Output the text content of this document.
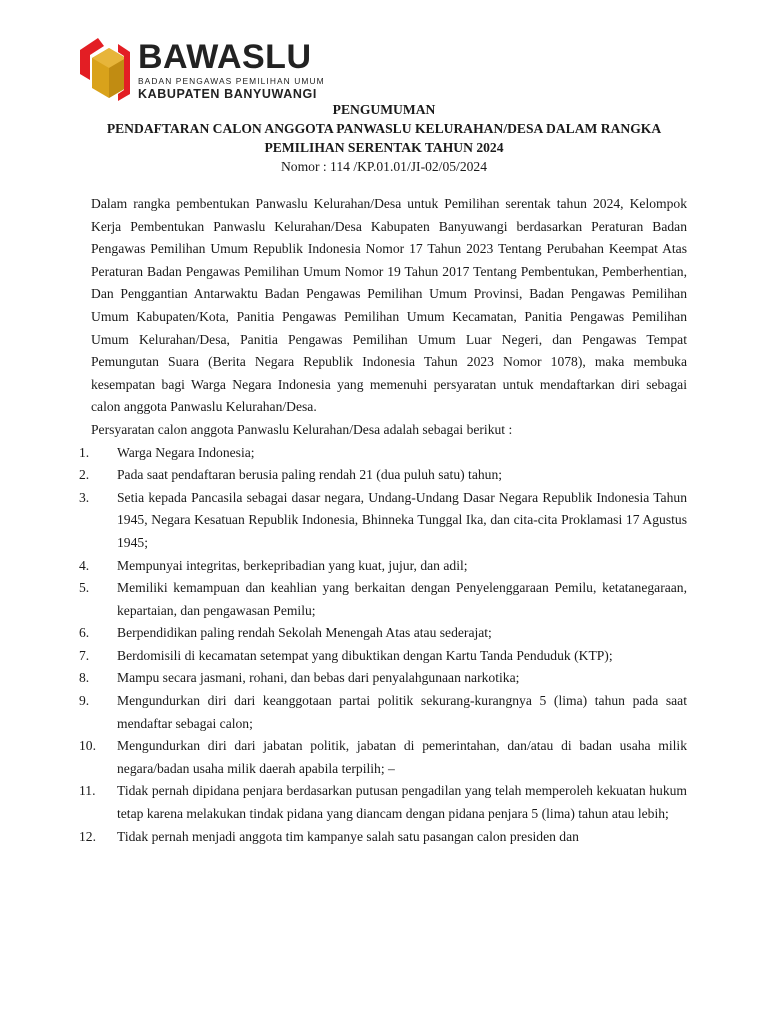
BAWASLU
BADAN PENGAWAS PEMILIHAN UMUM
KABUPATEN BANYUWANGI
PENGUMUMAN
PENDAFTARAN CALON ANGGOTA PANWASLU KELURAHAN/DESA DALAM RANGKA
PEMILIHAN SERENTAK TAHUN 2024
Nomor : 114 /KP.01.01/JI-02/05/2024

Dalam rangka pembentukan Panwaslu Kelurahan/Desa untuk Pemilihan serentak tahun 2024, Kelompok Kerja Pembentukan Panwaslu Kelurahan/Desa Kabupaten Banyuwangi berdasarkan Peraturan Badan Pengawas Pemilihan Umum Republik Indonesia Nomor 17 Tahun 2023 Tentang Perubahan Keempat Atas Peraturan Badan Pengawas Pemilihan Umum Nomor 19 Tahun 2017 Tentang Pembentukan, Pemberhentian, Dan Penggantian Antarwaktu Badan Pengawas Pemilihan Umum Provinsi, Badan Pengawas Pemilihan Umum Kabupaten/Kota, Panitia Pengawas Pemilihan Umum Kecamatan, Panitia Pengawas Pemilihan Umum Kelurahan/Desa, Panitia Pengawas Pemilihan Umum Luar Negeri, dan Pengawas Tempat Pemungutan Suara (Berita Negara Republik Indonesia Tahun 2023 Nomor 1078), maka membuka kesempatan bagi Warga Negara Indonesia yang memenuhi persyaratan untuk mendaftarkan diri sebagai calon anggota Panwaslu Kelurahan/Desa.

Persyaratan calon anggota Panwaslu Kelurahan/Desa adalah sebagai berikut :

1.	Warga Negara Indonesia;
2.	Pada saat pendaftaran berusia paling rendah 21 (dua puluh satu) tahun;
3.	Setia kepada Pancasila sebagai dasar negara, Undang-Undang Dasar Negara Republik Indonesia Tahun 1945, Negara Kesatuan Republik Indonesia, Bhinneka Tunggal Ika, dan cita-cita Proklamasi 17 Agustus 1945;
4.	Mempunyai integritas, berkepribadian yang kuat, jujur, dan adil;
5.	Memiliki kemampuan dan keahlian yang berkaitan dengan Penyelenggaraan Pemilu, ketatanegaraan, kepartaian, dan pengawasan Pemilu;
6.	Berpendidikan paling rendah Sekolah Menengah Atas atau sederajat;
7.	Berdomisili di kecamatan setempat yang dibuktikan dengan Kartu Tanda Penduduk (KTP);
8.	Mampu secara jasmani, rohani, dan bebas dari penyalahgunaan narkotika;
9.	Mengundurkan diri dari keanggotaan partai politik sekurang-kurangnya 5 (lima) tahun pada saat mendaftar sebagai calon;
10.	Mengundurkan diri dari jabatan politik, jabatan di pemerintahan, dan/atau di badan usaha milik negara/badan usaha milik daerah apabila terpilih; –
11.	Tidak pernah dipidana penjara berdasarkan putusan pengadilan yang telah memperoleh kekuatan hukum tetap karena melakukan tindak pidana yang diancam dengan pidana penjara 5 (lima) tahun atau lebih;
12.	Tidak pernah menjadi anggota tim kampanye salah satu pasangan calon presiden dan
